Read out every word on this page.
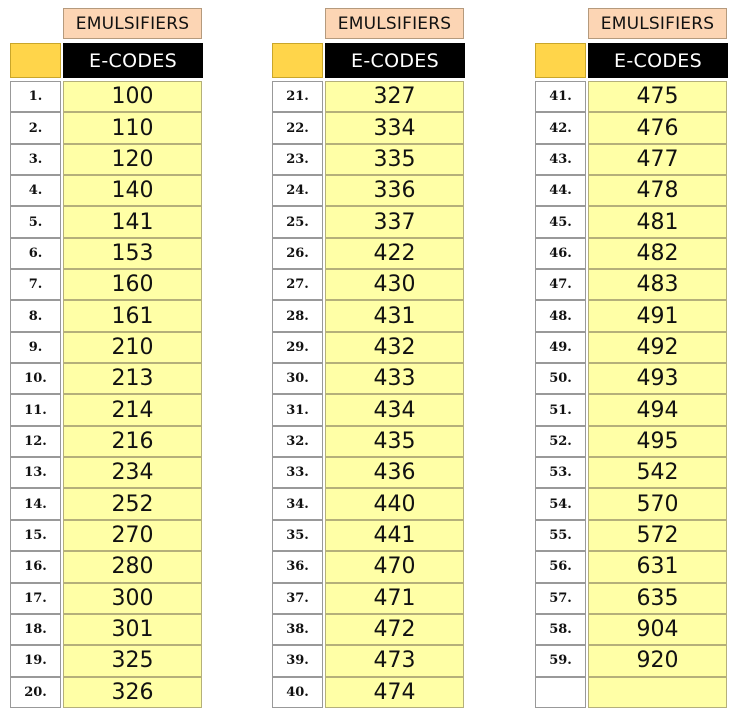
EMULSIFIERS
E-CODES
1.	100
2.	110
3.	120
4.	140
5.	141
6.	153
7.	160
8.	161
9.	210
10.	213
11.	214
12.	216
13.	234
14.	252
15.	270
16.	280
17.	300
18.	301
19.	325
20.	326
EMULSIFIERS
E-CODES
21.	327
22.	334
23.	335
24.	336
25.	337
26.	422
27.	430
28.	431
29.	432
30.	433
31.	434
32.	435
33.	436
34.	440
35.	441
36.	470
37.	471
38.	472
39.	473
40.	474
EMULSIFIERS
E-CODES
41.	475
42.	476
43.	477
44.	478
45.	481
46.	482
47.	483
48.	491
49.	492
50.	493
51.	494
52.	495
53.	542
54.	570
55.	572
56.	631
57.	635
58.	904
59.	920
